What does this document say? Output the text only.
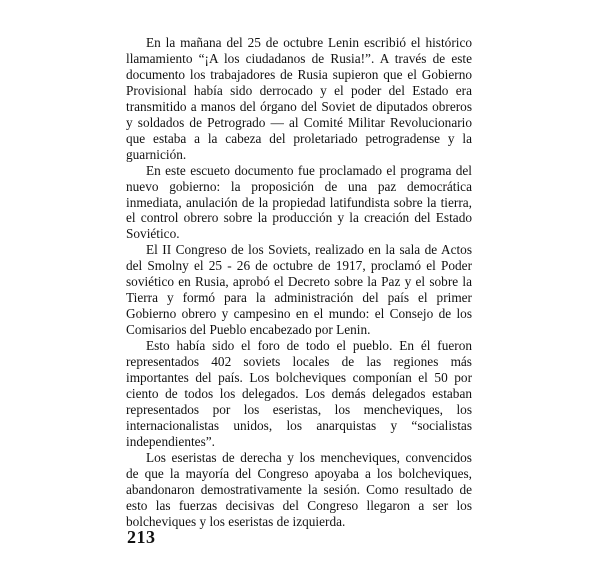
En la mañana del 25 de octubre Lenin escribió el histórico llamamiento “¡A los ciudadanos de Rusia!”. A través de este documento los trabajadores de Rusia supieron que el Gobierno Provisional había sido derrocado y el poder del Estado era transmitido a manos del órgano del Soviet de diputados obreros y soldados de Petrogrado — al Comité Militar Revolucionario que estaba a la cabeza del proletariado petrogradense y la guarnición.

En este escueto documento fue proclamado el programa del nuevo gobierno: la proposición de una paz democrática inmediata, anulación de la propiedad latifundista sobre la tierra, el control obrero sobre la producción y la creación del Estado Soviético.

El II Congreso de los Soviets, realizado en la sala de Actos del Smolny el 25 - 26 de octubre de 1917, proclamó el Poder soviético en Rusia, aprobó el Decreto sobre la Paz y el sobre la Tierra y formó para la administración del país el primer Gobierno obrero y campesino en el mundo: el Consejo de los Comisarios del Pueblo encabezado por Lenin.

Esto había sido el foro de todo el pueblo. En él fueron representados 402 soviets locales de las regiones más importantes del país. Los bolcheviques componían el 50 por ciento de todos los delegados. Los demás delegados estaban representados por los eseristas, los mencheviques, los internacionalistas unidos, los anarquistas y “socialistas independientes”.

Los eseristas de derecha y los mencheviques, convencidos de que la mayoría del Congreso apoyaba a los bolcheviques, abandonaron demostrativamente la sesión. Como resultado de esto las fuerzas decisivas del Congreso llegaron a ser los bolcheviques y los eseristas de izquierda.

213
